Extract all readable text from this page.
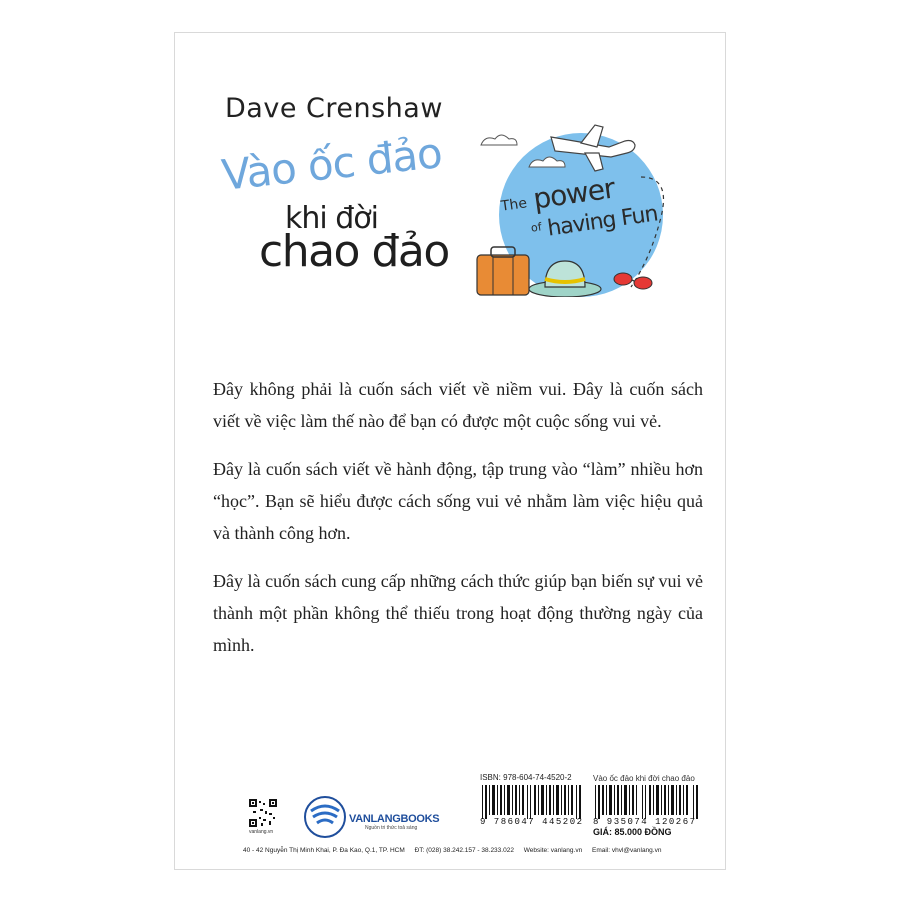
Dave Crenshaw
Vào ốc đảo
khi đời
chao đảo
The power
of having Fun

Đây không phải là cuốn sách viết về niềm vui. Đây là cuốn sách viết về việc làm thế nào để bạn có được một cuộc sống vui vẻ.

Đây là cuốn sách viết về hành động, tập trung vào “làm” nhiều hơn “học”. Bạn sẽ hiểu được cách sống vui vẻ nhằm làm việc hiệu quả và thành công hơn.

Đây là cuốn sách cung cấp những cách thức giúp bạn biến sự vui vẻ thành một phần không thể thiếu trong hoạt động thường ngày của mình.

ISBN: 978-604-74-4520-2	Vào ốc đảo khi đời chao đảo
9 786047 445202 8 935074 120267
GIÁ: 85.000 ĐỒNG
vanlang.vn
VANLANGBOOKS
Nguồn tri thức toả sáng
40 - 42 Nguyễn Thị Minh Khai, P. Đa Kao, Q.1, TP. HCM ĐT: (028) 38.242.157 - 38.233.022 Website: vanlang.vn Email: vhvl@vanlang.vn
